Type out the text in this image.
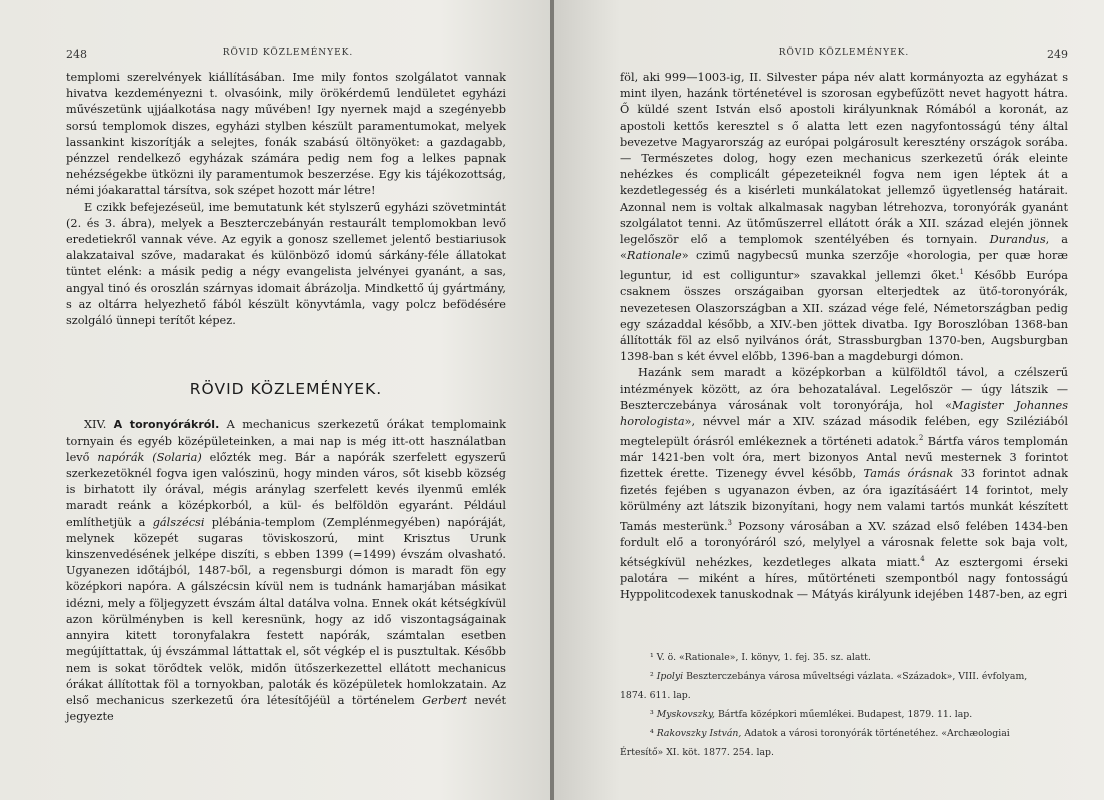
248	RÖVID KÖZLEMÉNYEK.

templomi szerelvények kiállításában. Ime mily fontos szolgálatot vannak hivatva kezdeményezni t. olvasóink, mily örökérdemű lendületet egyházi művészetünk ujjáalkotása nagy művében! Igy nyernek majd a szegényebb sorsú templomok diszes, egyházi stylben készült paramentumokat, melyek lassankint kiszorítják a selejtes, fonák szabású öltönyöket: a gazdagabb, pénzzel rendelkező egyházak számára pedig nem fog a lelkes papnak nehézségekbe ütközni ily paramentumok beszerzése. Egy kis tájékozottság, némi jóakarattal társítva, sok szépet hozott már létre!

E czikk befejezéseül, ime bemutatunk két stylszerű egyházi szövetmintát (2. és 3. ábra), melyek a Beszterczebányán restaurált templomokban levő eredetiekről vannak véve. Az egyik a gonosz szellemet jelentő bestiariusok alakzataival szőve, madarakat és különböző idomú sárkány-féle állatokat tüntet elénk: a másik pedig a négy evangelista jelvényei gyanánt, a sas, angyal tinó és oroszlán szárnyas idomait ábrázolja. Mindkettő új gyártmány, s az oltárra helyezhető fából készült könyvtámla, vagy polcz befödésére szolgáló ünnepi terítőt képez.

RÖVID KÖZLEMÉNYEK.

XIV. A toronyórákról. A mechanicus szerkezetű órákat templomaink tornyain és egyéb középületeinken, a mai nap is még itt-ott használatban levő napórák (Solaria) előzték meg. Bár a napórák szerfelett egyszerű szerkezetöknél fogva igen valószinü, hogy minden város, sőt kisebb község is birhatott ily órával, mégis aránylag szerfelett kevés ilyenmű emlék maradt reánk a középkorból, a kül- és belföldön egyaránt. Például említhetjük a gálszécsi plébánia-templom (Zemplénmegyében) napóráját, melynek közepét sugaras töviskoszorú, mint Krisztus Urunk kinszenvedésének jelképe diszíti, s ebben 1399 (=1499) évszám olvasható. Ugyanezen időtájból, 1487-ből, a regensburgi dómon is maradt fön egy középkori napóra. A gálszécsin kívül nem is tudnánk hamarjában másikat idézni, mely a följegyzett évszám által datálva volna. Ennek okát kétségkívül azon körülményben is kell keresnünk, hogy az idő viszontagságainak annyira kitett toronyfalakra festett napórák, számtalan esetben megújíttattak, új évszámmal láttattak el, sőt végkép el is pusztultak. Később nem is sokat törődtek velök, midőn ütőszerkezettel ellátott mechanicus órákat állítottak föl a tornyokban, paloták és középületek homlokzatain. Az első mechanicus szerkezetű óra létesítőjéül a történelem Gerbert nevét jegyezte

RÖVID KÖZLEMÉNYEK.	249

föl, aki 999—1003-ig, II. Silvester pápa név alatt kormányozta az egyházat s mint ilyen, hazánk történetével is szorosan egybefűzött nevet hagyott hátra. Ő küldé szent István első apostoli királyunknak Rómából a koronát, az apostoli kettős keresztel s ő alatta lett ezen nagyfontosságú tény által bevezetve Magyarország az európai polgárosult keresztény országok sorába. — Természetes dolog, hogy ezen mechanicus szerkezetű órák eleinte nehézkes és complicált gépezeteiknél fogva nem igen léptek át a kezdetlegesség és a kisérleti munkálatokat jellemző ügyetlenség határait. Azonnal nem is voltak alkalmasak nagyban létrehozva, toronyórák gyanánt szolgálatot tenni. Az ütőműszerrel ellátott órák a XII. század elején jönnek legelőször elő a templomok szentélyében és tornyain. Durandus, a «Rationale» czimű nagybecsű munka szerzője «horologia, per quæ horæ leguntur, id est colliguntur» szavakkal jellemzi őket.$^1$ Később Európa csaknem összes országaiban gyorsan elterjedtek az ütő-toronyórák, nevezetesen Olaszországban a XII. század vége felé, Németországban pedig egy századdal később, a XIV.-ben jöttek divatba. Igy Boroszlóban 1368-ban állították föl az első nyilvános órát, Strassburgban 1370-ben, Augsburgban 1398-ban s két évvel előbb, 1396-ban a magdeburgi dómon.

Hazánk sem maradt a középkorban a külföldtől távol, a czélszerű intézmények között, az óra behozatalával. Legelőször — úgy látszik — Beszterczebánya városának volt toronyórája, hol «Magister Johannes horologista», névvel már a XIV. század második felében, egy Sziléziából megtelepült órásról emlékeznek a történeti adatok.$^2$ Bártfa város templomán már 1421-ben volt óra, mert bizonyos Antal nevű mesternek 3 forintot fizettek érette. Tizenegy évvel később, Tamás órásnak 33 forintot adnak fizetés fejében s ugyanazon évben, az óra igazításáért 14 forintot, mely körülmény azt látszik bizonyítani, hogy nem valami tartós munkát készített Tamás mesterünk.$^3$ Pozsony városában a XV. század első felében 1434-ben fordult elő a toronyóráról szó, melylyel a városnak felette sok baja volt, kétségkívül nehézkes, kezdetleges alkata miatt.$^4$ Az esztergomi érseki palotára — miként a híres, műtörténeti szempontból nagy fontosságú Hyppolitcodexek tanuskodnak — Mátyás királyunk idejében 1487-ben, az egri

¹ V. ö. «Rationale», I. könyv, 1. fej. 35. sz. alatt.
² Ipolyi Beszterczebánya városa műveltségi vázlata. «Századok», VIII. évfolyam,
1874. 611. lap.
³ Myskovszky, Bártfa középkori műemlékei. Budapest, 1879. 11. lap.
⁴ Rakovszky István, Adatok a városi toronyórák történetéhez. «Archæologiai
Értesítő» XI. köt. 1877. 254. lap.
